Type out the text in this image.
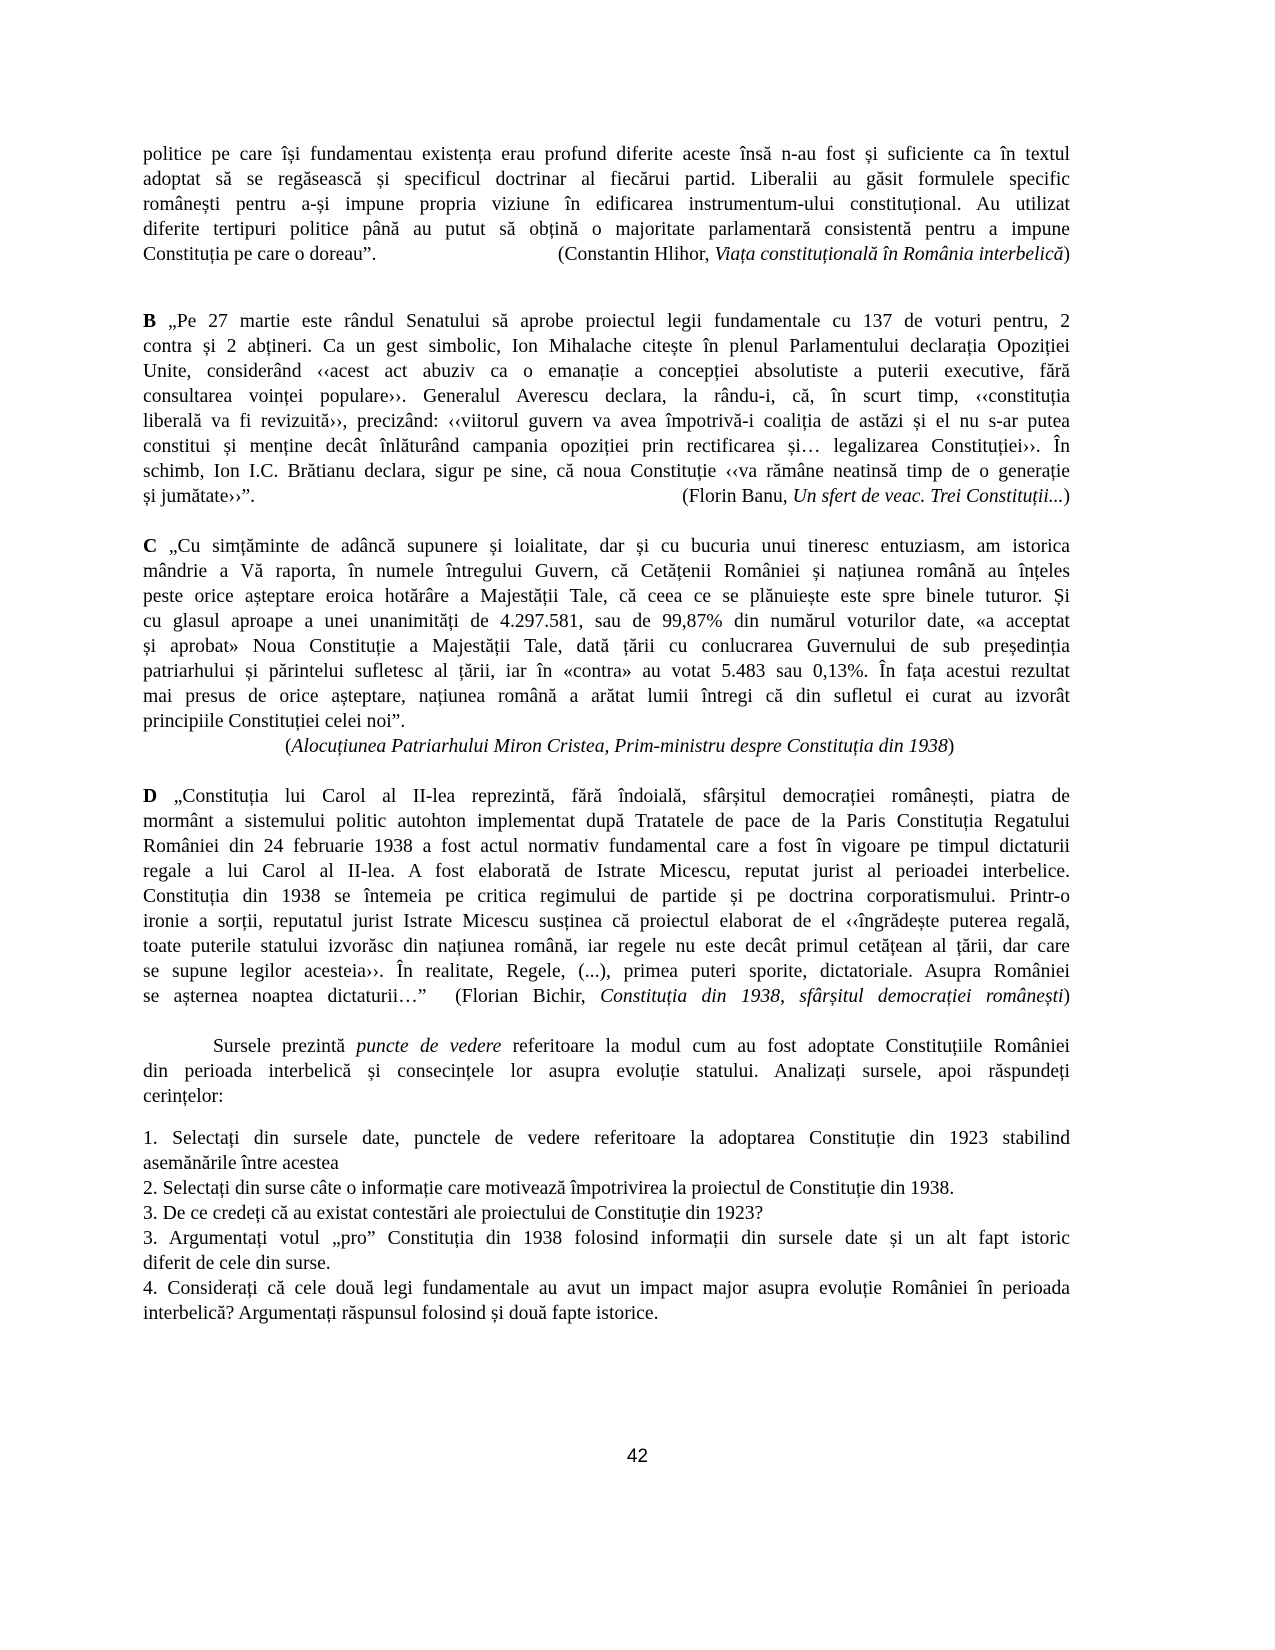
politice pe care își fundamentau existența erau profund diferite aceste însă n-au fost și suficiente ca în textul
adoptat să se regăsească și specificul doctrinar al fiecărui partid. Liberalii au găsit formulele specific
românești pentru a-și impune propria viziune în edificarea instrumentum-ului constituțional. Au utilizat
diferite tertipuri politice până au putut să obțină o majoritate parlamentară consistentă pentru a impune
Constituția pe care o doreau”.	(Constantin Hlihor, Viața constituțională în România interbelică)
B „Pe 27 martie este rândul Senatului să aprobe proiectul legii fundamentale cu 137 de voturi pentru, 2
contra și 2 abțineri. Ca un gest simbolic, Ion Mihalache citește în plenul Parlamentului declarația Opoziției
Unite, considerând ‹‹acest act abuziv ca o emanație a concepției absolutiste a puterii executive, fără
consultarea voinței populare››. Generalul Averescu declara, la rându-i, că, în scurt timp, ‹‹constituția
liberală va fi revizuită››, precizând: ‹‹viitorul guvern va avea împotrivă-i coaliția de astăzi și el nu s-ar putea
constitui și menține decât înlăturând campania opoziției prin rectificarea și… legalizarea Constituției››. În
schimb, Ion I.C. Brătianu declara, sigur pe sine, că noua Constituție ‹‹va rămâne neatinsă timp de o generație
și jumătate››”.	(Florin Banu, Un sfert de veac. Trei Constituții...)
C „Cu simțăminte de adâncă supunere și loialitate, dar și cu bucuria unui tineresc entuziasm, am istorica
mândrie a Vă raporta, în numele întregului Guvern, că Cetățenii României și națiunea română au înțeles
peste orice așteptare eroica hotărâre a Majestății Tale, că ceea ce se plănuiește este spre binele tuturor. Și
cu glasul aproape a unei unanimități de 4.297.581, sau de 99,87% din numărul voturilor date, «a acceptat
și aprobat» Noua Constituție a Majestății Tale, dată țării cu conlucrarea Guvernului de sub președinția
patriarhului și părintelui sufletesc al țării, iar în «contra» au votat 5.483 sau 0,13%. În fața acestui rezultat
mai presus de orice așteptare, națiunea română a arătat lumii întregi că din sufletul ei curat au izvorât
principiile Constituției celei noi”.
(Alocuțiunea Patriarhului Miron Cristea, Prim-ministru despre Constituția din 1938)
D „Constituția lui Carol al II-lea reprezintă, fără îndoială, sfârșitul democrației românești, piatra de
mormânt a sistemului politic autohton implementat după Tratatele de pace de la Paris Constituția Regatului
României din 24 februarie 1938 a fost actul normativ fundamental care a fost în vigoare pe timpul dictaturii
regale a lui Carol al II-lea. A fost elaborată de Istrate Micescu, reputat jurist al perioadei interbelice.
Constituția din 1938 se întemeia pe critica regimului de partide și pe doctrina corporatismului. Printr-o
ironie a sorții, reputatul jurist Istrate Micescu susținea că proiectul elaborat de el ‹‹îngrădește puterea regală,
toate puterile statului izvorăsc din națiunea română, iar regele nu este decât primul cetățean al țării, dar care
se supune legilor acesteia››. În realitate, Regele, (...), primea puteri sporite, dictatoriale. Asupra României
se așternea noaptea dictaturii…” (Florian Bichir, Constituția din 1938, sfârșitul democrației românești)
Sursele prezintă puncte de vedere referitoare la modul cum au fost adoptate Constituțiile României
din perioada interbelică și consecințele lor asupra evoluție statului. Analizați sursele, apoi răspundeți
cerințelor:
1. Selectați din sursele date, punctele de vedere referitoare la adoptarea Constituție din 1923 stabilind
asemănările între acestea
2. Selectați din surse câte o informație care motivează împotrivirea la proiectul de Constituție din 1938.
3. De ce credeți că au existat contestări ale proiectului de Constituție din 1923?
3. Argumentați votul „pro” Constituția din 1938 folosind informații din sursele date și un alt fapt istoric
diferit de cele din surse.
4. Considerați că cele două legi fundamentale au avut un impact major asupra evoluție României în perioada
interbelică? Argumentați răspunsul folosind și două fapte istorice.
42
